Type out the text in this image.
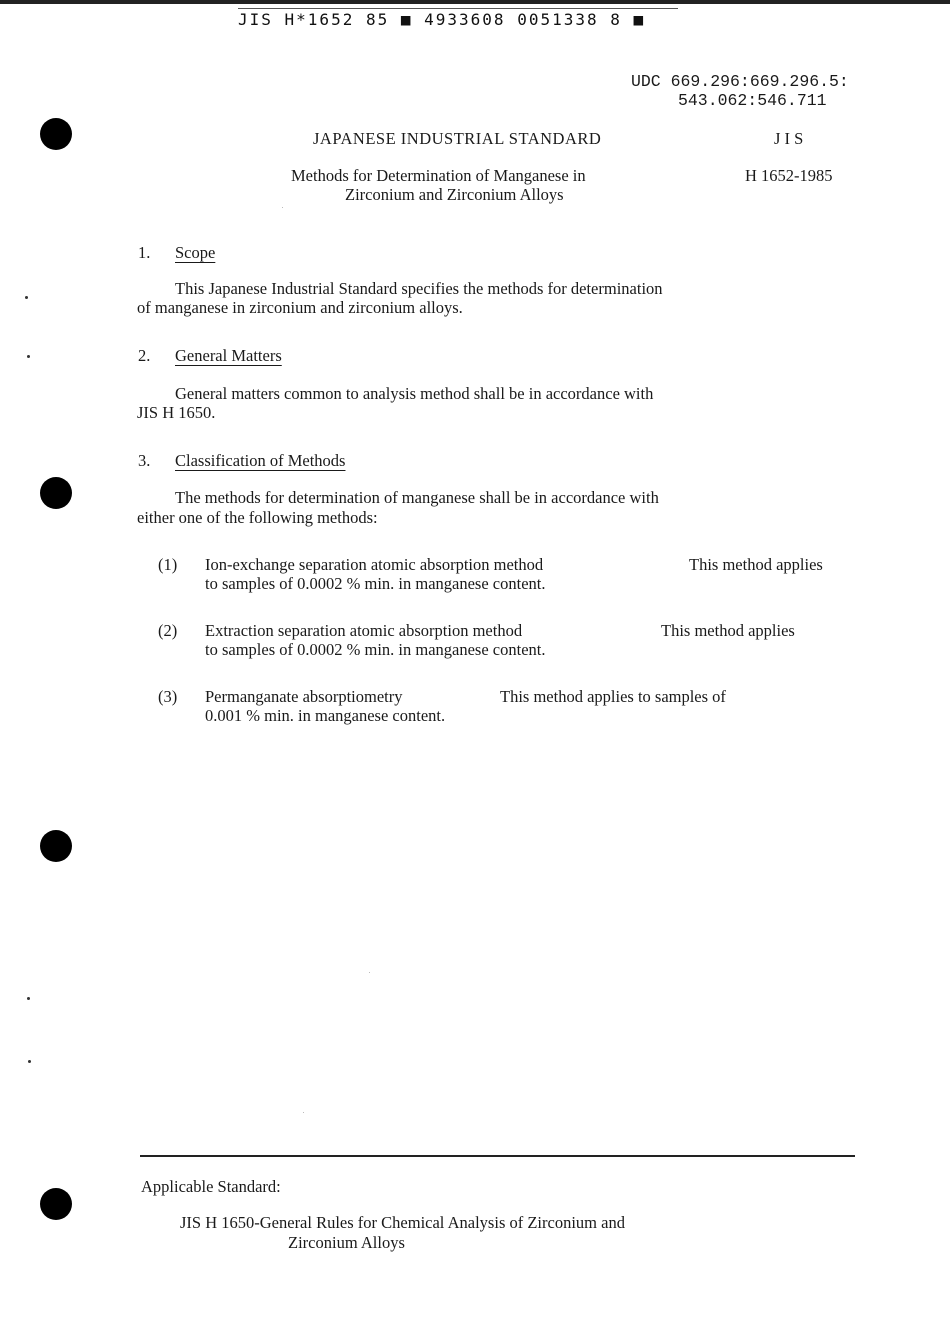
JIS H*1652 85 ■ 4933608 0051338 8 ■
UDC 669.296:669.296.5:
543.062:546.711
JAPANESE INDUSTRIAL STANDARD	J I S
Methods for Determination of Manganese in
Zirconium and Zirconium Alloys
H 1652-1985
1. Scope
This Japanese Industrial Standard specifies the methods for determination
of manganese in zirconium and zirconium alloys.
2. General Matters
General matters common to analysis method shall be in accordance with
JIS H 1650.
3. Classification of Methods
The methods for determination of manganese shall be in accordance with
either one of the following methods:
(1) Ion-exchange separation atomic absorption method	This method applies
to samples of 0.0002 % min. in manganese content.
(2) Extraction separation atomic absorption method	This method applies
to samples of 0.0002 % min. in manganese content.
(3) Permanganate absorptiometry	This method applies to samples of
0.001 % min. in manganese content.
Applicable Standard:
JIS H 1650-General Rules for Chemical Analysis of Zirconium and
Zirconium Alloys
